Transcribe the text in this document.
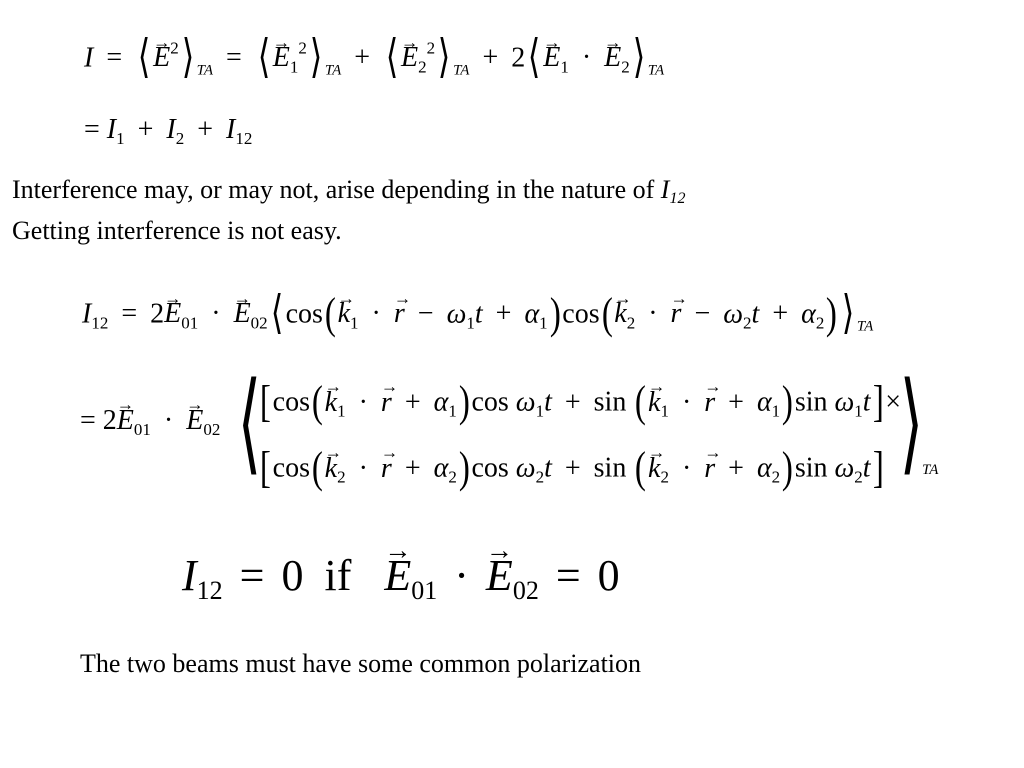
I = ⟨→ $E^2⟩$ $_{TA}$ = ⟨→ $E_1^2⟩$ $_{TA}$ + ⟨→ $E_2^2⟩$ $_{TA}$ + 2⟨→ $E_1$ · → $E_2⟩$ $_{TA}$
= $I_1 + I_2 + I_{12}$
Interference may, or may not, arise depending in the nature of I12
Getting interference is not easy.
$I_{12} = 2\to E_{01}$ · → $E_{02}⟨\cos(\to k_1$ · → $r - \omega_1t + \alpha_1)\cos(\to k_2$ · → $r - \omega_2t$ + $\alpha_2)⟩$ $_{TA}$
= $2\to E_{01}$ · → $E_{02}$ ⟨	⟩
[$\cos(\to k_1$ · → $r + \alpha_1)\cos$ $\omega_1t + \sin$ (→ $k_1$ · → $r + \alpha_1)\sin$ $\omega_1t]\times$
[$\cos(\to k_2$ · → $r + \alpha_2)\cos$ $\omega_2t + \sin$ (→ $k_2$ · → $r + \alpha_2)\sin$ $\omega_2t$]	TA
$I_{12} = 0$ if → $E_{01}$ · → $E_{02} = 0$
The two beams must have some common polarization
